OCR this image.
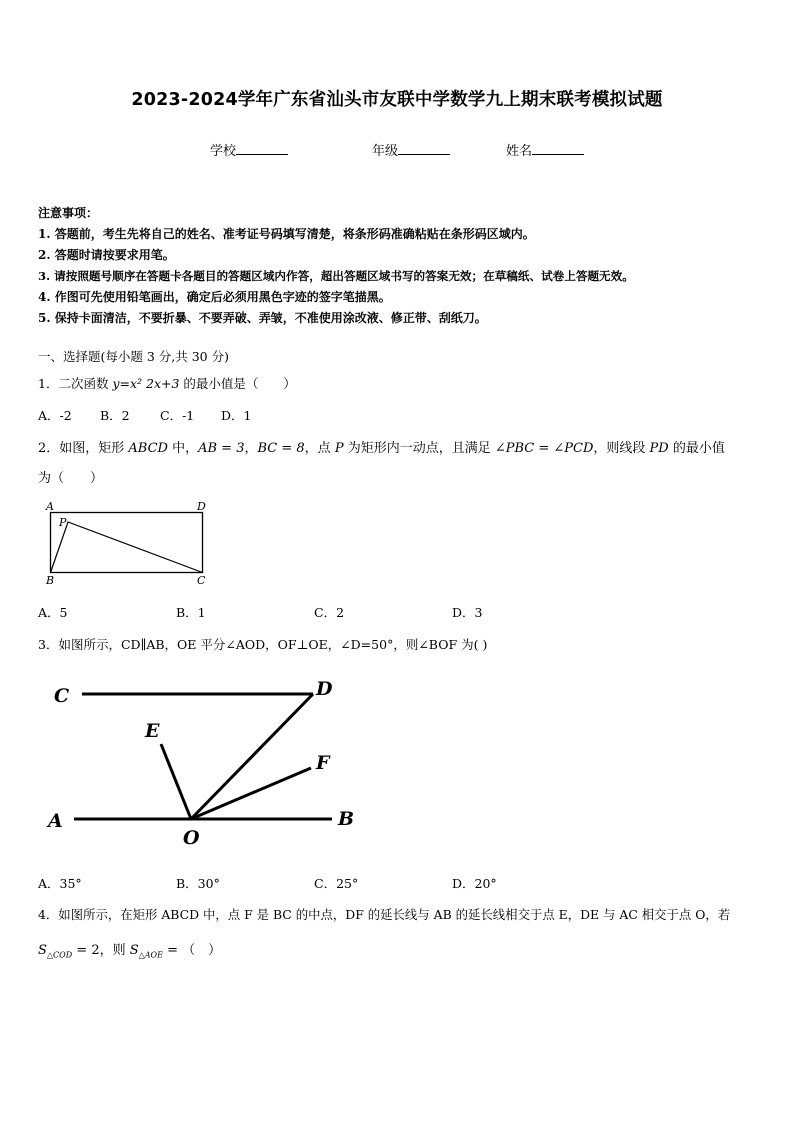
2023-2024学年广东省汕头市友联中学数学九上期末联考模拟试题
学校	年级	姓名
注意事项：
1. 答题前，考生先将自己的姓名、准考证号码填写清楚，将条形码准确粘贴在条形码区域内。
2. 答题时请按要求用笔。
3. 请按照题号顺序在答题卡各题目的答题区域内作答，超出答题区域书写的答案无效；在草稿纸、试卷上答题无效。
4. 作图可先使用铅笔画出，确定后必须用黑色字迹的签字笔描黑。
5. 保持卡面清洁，不要折暴、不要弄破、弄皱，不准使用涂改液、修正带、刮纸刀。
一、选择题(每小题 3 分,共 30 分)
1．二次函数 y=x² 2x+3 的最小值是（　　）
A．-2 B．2 C．-1 D．1
2．如图，矩形 ABCD 中，AB = 3，BC = 8，点 P 为矩形内一动点，且满足 ∠PBC = ∠PCD，则线段 PD 的最小值
为（　　）
A	D
P
B	C
A．5	B．1	C．2	D．3
3．如图所示，CD∥AB，OE 平分∠AOD，OF⊥OE，∠D=50°，则∠BOF 为( )
C	D
E
F
A
O
B
A．35°	B．30°	C．25°	D．20°
4．如图所示，在矩形 ABCD 中，点 F 是 BC 的中点，DF 的延长线与 AB 的延长线相交于点 E，DE 与 AC 相交于点 O，若
$S_{\triangle COD} = 2$，则 $S_{\triangle AOE}$ = （　）
